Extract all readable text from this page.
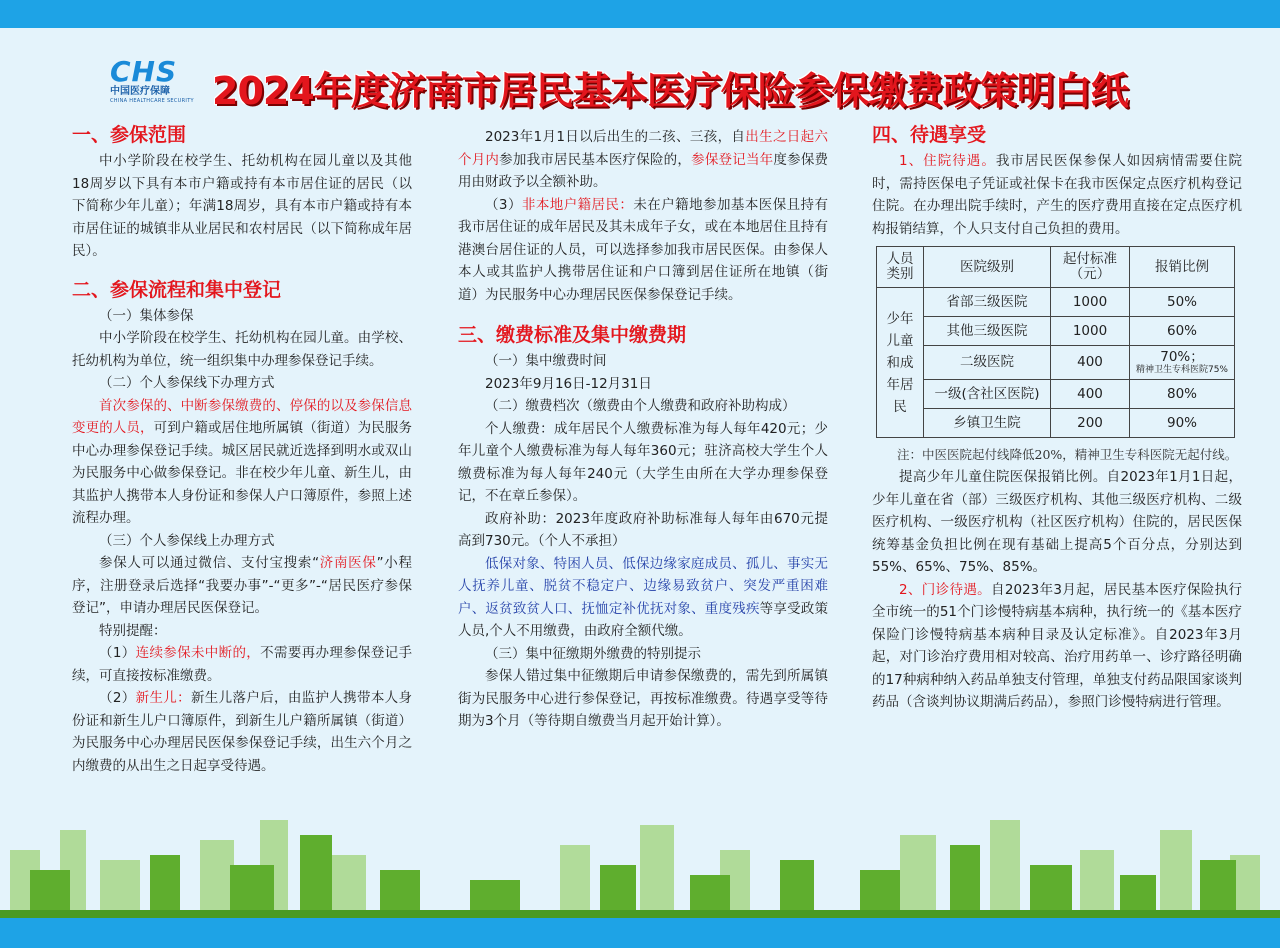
CHS
中国医疗保障
CHINA HEALTHCARE SECURITY 2024年度济南市居民基本医疗保险参保缴费政策明白纸

一、参保范围

中小学阶段在校学生、托幼机构在园儿童以及其他18周岁以下具有本市户籍或持有本市居住证的居民（以下简称少年儿童）；年满18周岁，具有本市户籍或持有本市居住证的城镇非从业居民和农村居民（以下简称成年居民）。

二、参保流程和集中登记

（一）集体参保

中小学阶段在校学生、托幼机构在园儿童。由学校、托幼机构为单位，统一组织集中办理参保登记手续。

（二）个人参保线下办理方式

首次参保的、中断参保缴费的、停保的以及参保信息变更的人员，可到户籍或居住地所属镇（街道）为民服务中心办理参保登记手续。城区居民就近选择到明水或双山为民服务中心做参保登记。非在校少年儿童、新生儿，由其监护人携带本人身份证和参保人户口簿原件，参照上述流程办理。

（三）个人参保线上办理方式

参保人可以通过微信、支付宝搜索“济南医保”小程序，注册登录后选择“我要办事”-“更多”-“居民医疗参保登记”，申请办理居民医保登记。

特别提醒：

（1）连续参保未中断的，不需要再办理参保登记手续，可直接按标准缴费。

（2）新生儿：新生儿落户后，由监护人携带本人身份证和新生儿户口簿原件，到新生儿户籍所属镇（街道）为民服务中心办理居民医保参保登记手续，出生六个月之内缴费的从出生之日起享受待遇。

2023年1月1日以后出生的二孩、三孩，自出生之日起六个月内参加我市居民基本医疗保险的，参保登记当年度参保费用由财政予以全额补助。

（3）非本地户籍居民：未在户籍地参加基本医保且持有我市居住证的成年居民及其未成年子女，或在本地居住且持有港澳台居住证的人员，可以选择参加我市居民医保。由参保人本人或其监护人携带居住证和户口簿到居住证所在地镇（街道）为民服务中心办理居民医保参保登记手续。

三、缴费标准及集中缴费期

（一）集中缴费时间

2023年9月16日-12月31日

（二）缴费档次（缴费由个人缴费和政府补助构成）

个人缴费：成年居民个人缴费标准为每人每年420元；少年儿童个人缴费标准为每人每年360元；驻济高校大学生个人缴费标准为每人每年240元（大学生由所在大学办理参保登记，不在章丘参保）。

政府补助：2023年度政府补助标准每人每年由670元提高到730元。（个人不承担）

低保对象、特困人员、低保边缘家庭成员、孤儿、事实无人抚养儿童、脱贫不稳定户、边缘易致贫户、突发严重困难户、返贫致贫人口、抚恤定补优抚对象、重度残疾等享受政策人员,个人不用缴费，由政府全额代缴。

（三）集中征缴期外缴费的特别提示

参保人错过集中征缴期后申请参保缴费的，需先到所属镇街为民服务中心进行参保登记，再按标准缴费。待遇享受等待期为3个月（等待期自缴费当月起开始计算）。

四、待遇享受

1、住院待遇。我市居民医保参保人如因病情需要住院时，需持医保电子凭证或社保卡在我市医保定点医疗机构登记住院。在办理出院手续时，产生的医疗费用直接在定点医疗机构报销结算，个人只支付自己负担的费用。

人员类别	医院级别	起付标准（元）	报销比例
少年儿童和成年居民	省部三级医院	1000	50%
	其他三级医院	1000	60%
	二级医院	400	70%；
精神卫生专科医院75%

	一级(含社区医院)	400	80%
	乡镇卫生院	200	90%

注：中医医院起付线降低20%，精神卫生专科医院无起付线。

提高少年儿童住院医保报销比例。自2023年1月1日起，少年儿童在省（部）三级医疗机构、其他三级医疗机构、二级医疗机构、一级医疗机构（社区医疗机构）住院的，居民医保统筹基金负担比例在现有基础上提高5个百分点，分别达到55%、65%、75%、85%。

2、门诊待遇。自2023年3月起，居民基本医疗保险执行全市统一的51个门诊慢特病基本病种，执行统一的《基本医疗保险门诊慢特病基本病种目录及认定标准》。自2023年3月起，对门诊治疗费用相对较高、治疗用药单一、诊疗路径明确的17种病种纳入药品单独支付管理，单独支付药品限国家谈判药品（含谈判协议期满后药品），参照门诊慢特病进行管理。
